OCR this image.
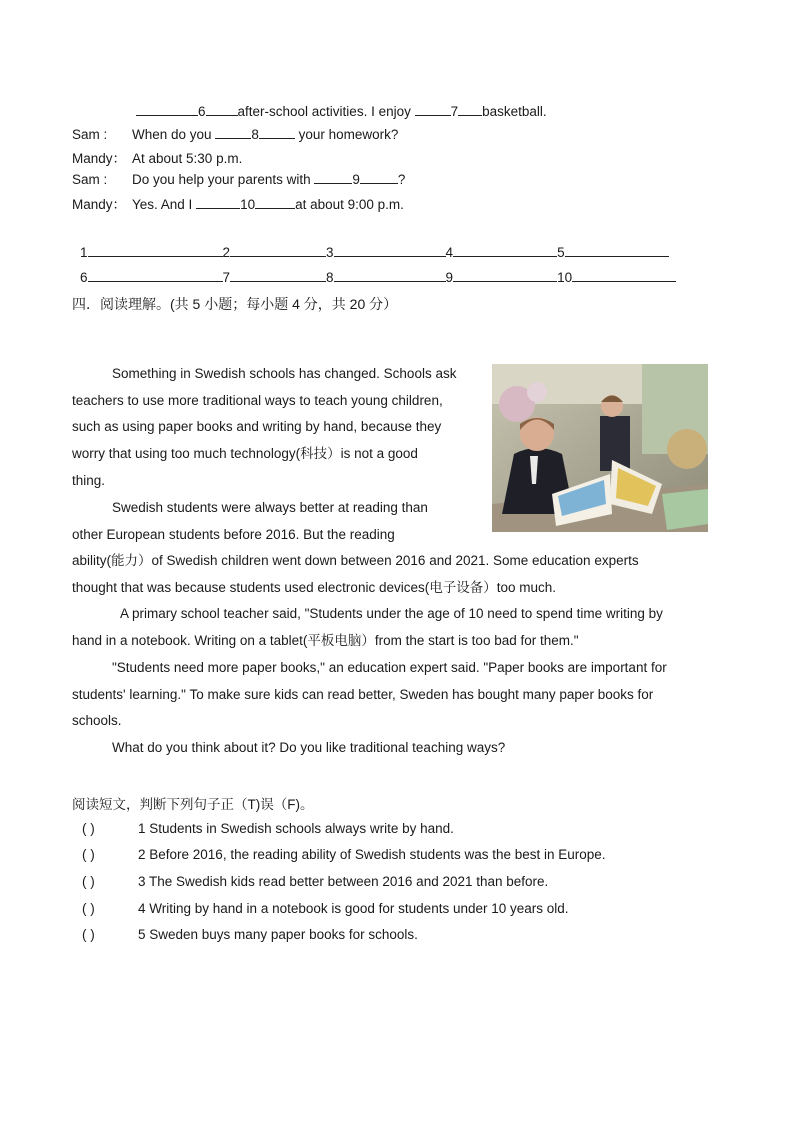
6 after-school activities. I enjoy	7 basketball.
Sam : When do you	8	your homework?
Mandy： At about 5:30 p.m.
Sam : Do you help your parents with	9	?
Mandy： Yes. And I	10	at about 9:00 p.m.
1	2	3	4	5
6	7	8	9	10
四．阅读理解。(共 5 小题；每小题 4 分，共 20 分）
Something in Swedish schools has changed. Schools ask
teachers to use more traditional ways to teach young children,
such as using paper books and writing by hand, because they
worry that using too much technology(科技）is not a good
thing.
Swedish students were always better at reading than
other European students before 2016. But the reading
ability(能力）of Swedish children went down between 2016 and 2021. Some education experts
thought that was because students used electronic devices(电子设备）too much.
A primary school teacher said, "Students under the age of 10 need to spend time writing by
hand in a notebook. Writing on a tablet(平板电脑）from the start is too bad for them."
"Students need more paper books," an education expert said. "Paper books are important for
students' learning." To make sure kids can read better, Sweden has bought many paper books for
schools.
What do you think about it? Do you like traditional teaching ways?
阅读短文，判断下列句子正（T)误（F)。
( )	1 Students in Swedish schools always write by hand.
( )	2 Before 2016, the reading ability of Swedish students was the best in Europe.
( )	3 The Swedish kids read better between 2016 and 2021 than before.
( )	4 Writing by hand in a notebook is good for students under 10 years old.
( )	5 Sweden buys many paper books for schools.
